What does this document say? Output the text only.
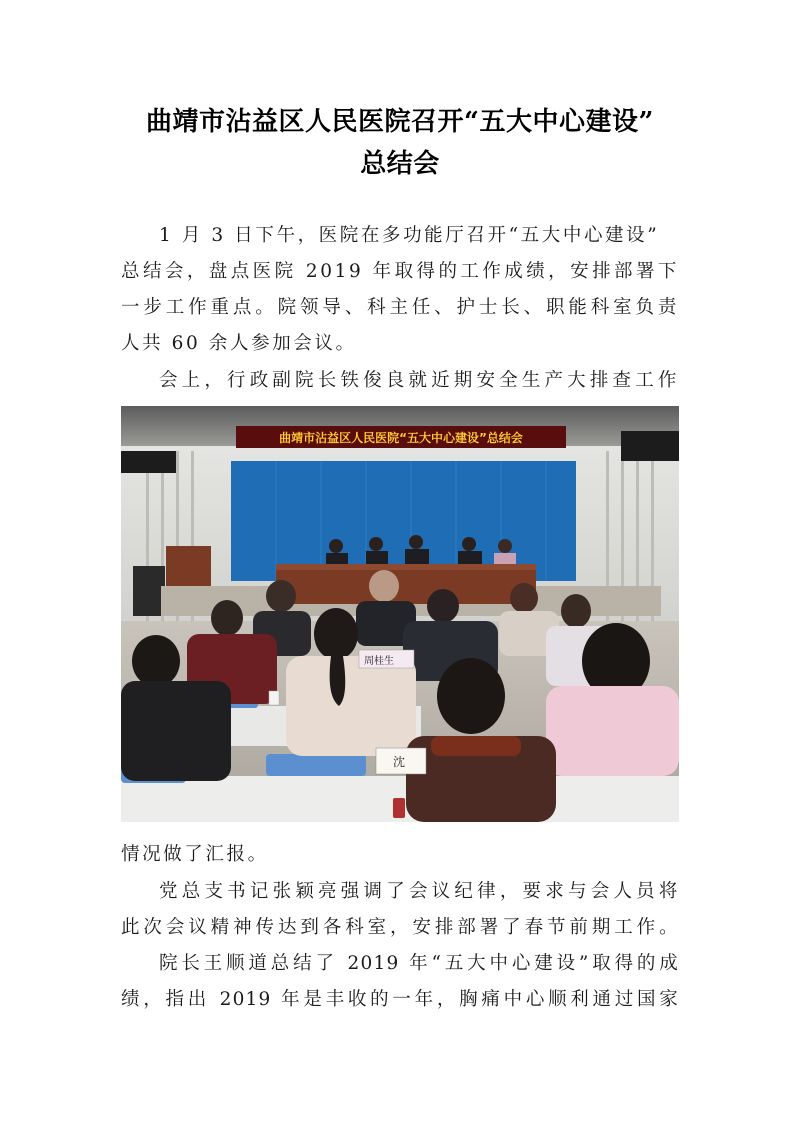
曲靖市沾益区人民医院召开“五大中心建设”
总结会

1 月 3 日下午，医院在多功能厅召开“五大中心建设”

总结会，盘点医院 2019 年取得的工作成绩，安排部署下

一步工作重点。院领导、科主任、护士长、职能科室负责

人共 60 余人参加会议。

会上，行政副院长铁俊良就近期安全生产大排查工作

曲靖市沾益区人民医院“五大中心建设”总结会
沈
周桂生

情况做了汇报。

党总支书记张颖亮强调了会议纪律，要求与会人员将

此次会议精神传达到各科室，安排部署了春节前期工作。

院长王顺道总结了 2019 年“五大中心建设”取得的成

绩，指出 2019 年是丰收的一年，胸痛中心顺利通过国家
